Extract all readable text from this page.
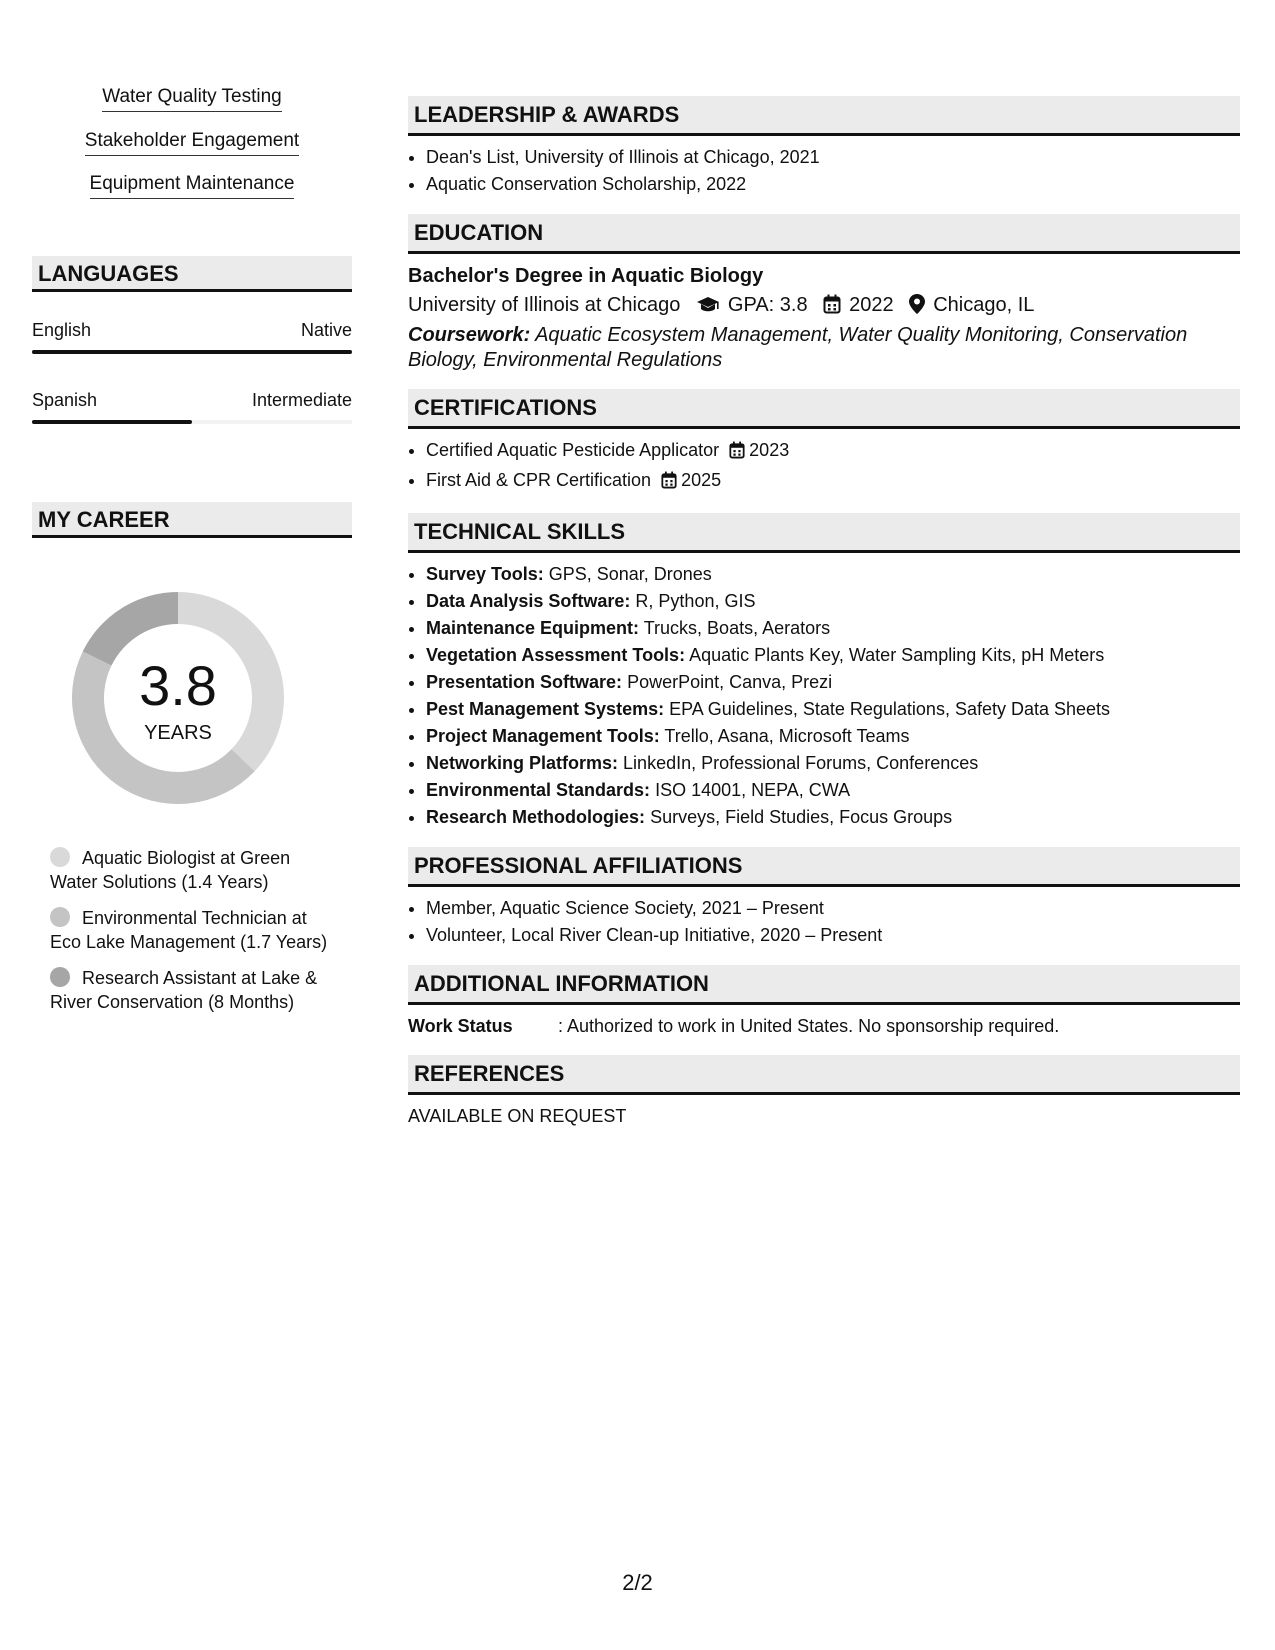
Water Quality Testing
Stakeholder Engagement
Equipment Maintenance
LANGUAGES
English	Native
Spanish	Intermediate
MY CAREER
3.8
YEARS
Aquatic Biologist at Green Water Solutions (1.4 Years)
Environmental Technician at Eco Lake Management (1.7 Years)
Research Assistant at Lake & River Conservation (8 Months)
LEADERSHIP & AWARDS
• Dean's List, University of Illinois at Chicago, 2021
• Aquatic Conservation Scholarship, 2022
EDUCATION
Bachelor's Degree in Aquatic Biology
University of Illinois at Chicago GPA: 3.8 2022 Chicago, IL
Coursework: Aquatic Ecosystem Management, Water Quality Monitoring, Conservation Biology, Environmental Regulations
CERTIFICATIONS
• Certified Aquatic Pesticide Applicator 2023
• First Aid & CPR Certification 2025
TECHNICAL SKILLS
• Survey Tools: GPS, Sonar, Drones
• Data Analysis Software: R, Python, GIS
• Maintenance Equipment: Trucks, Boats, Aerators
• Vegetation Assessment Tools: Aquatic Plants Key, Water Sampling Kits, pH Meters
• Presentation Software: PowerPoint, Canva, Prezi
• Pest Management Systems: EPA Guidelines, State Regulations, Safety Data Sheets
• Project Management Tools: Trello, Asana, Microsoft Teams
• Networking Platforms: LinkedIn, Professional Forums, Conferences
• Environmental Standards: ISO 14001, NEPA, CWA
• Research Methodologies: Surveys, Field Studies, Focus Groups
PROFESSIONAL AFFILIATIONS
• Member, Aquatic Science Society, 2021 – Present
• Volunteer, Local River Clean-up Initiative, 2020 – Present
ADDITIONAL INFORMATION
Work Status	: Authorized to work in United States. No sponsorship required.
REFERENCES
AVAILABLE ON REQUEST
2/2
